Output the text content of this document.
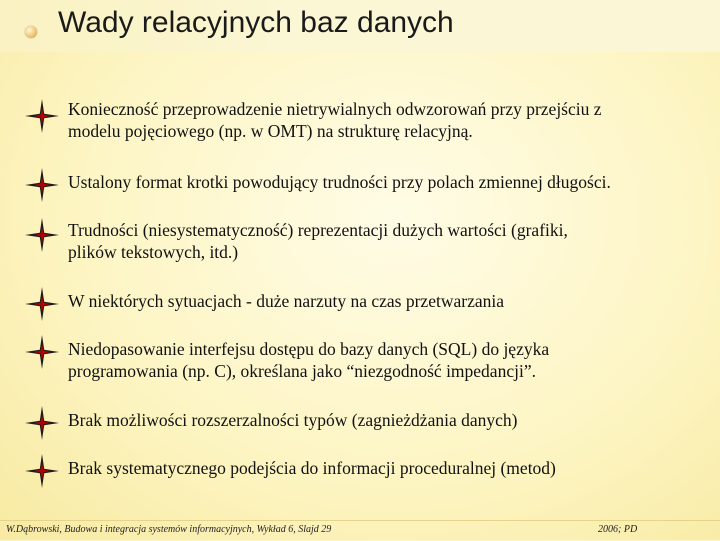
Wady relacyjnych baz danych
Konieczność przeprowadzenie nietrywialnych odwzorowań przy przejściu z
modelu pojęciowego (np. w OMT) na strukturę relacyjną.
Ustalony format krotki powodujący trudności przy polach zmiennej długości.
Trudności (niesystematyczność) reprezentacji dużych wartości (grafiki,
plików tekstowych, itd.)
W niektórych sytuacjach - duże narzuty na czas przetwarzania
Niedopasowanie interfejsu dostępu do bazy danych (SQL) do języka
programowania (np. C), określana jako “niezgodność impedancji”.
Brak możliwości rozszerzalności typów (zagnieżdżania danych)
Brak systematycznego podejścia do informacji proceduralnej (metod)
W.Dąbrowski, Budowa i integracja systemów informacyjnych, Wykład 6, Slajd 29	2006; PD
